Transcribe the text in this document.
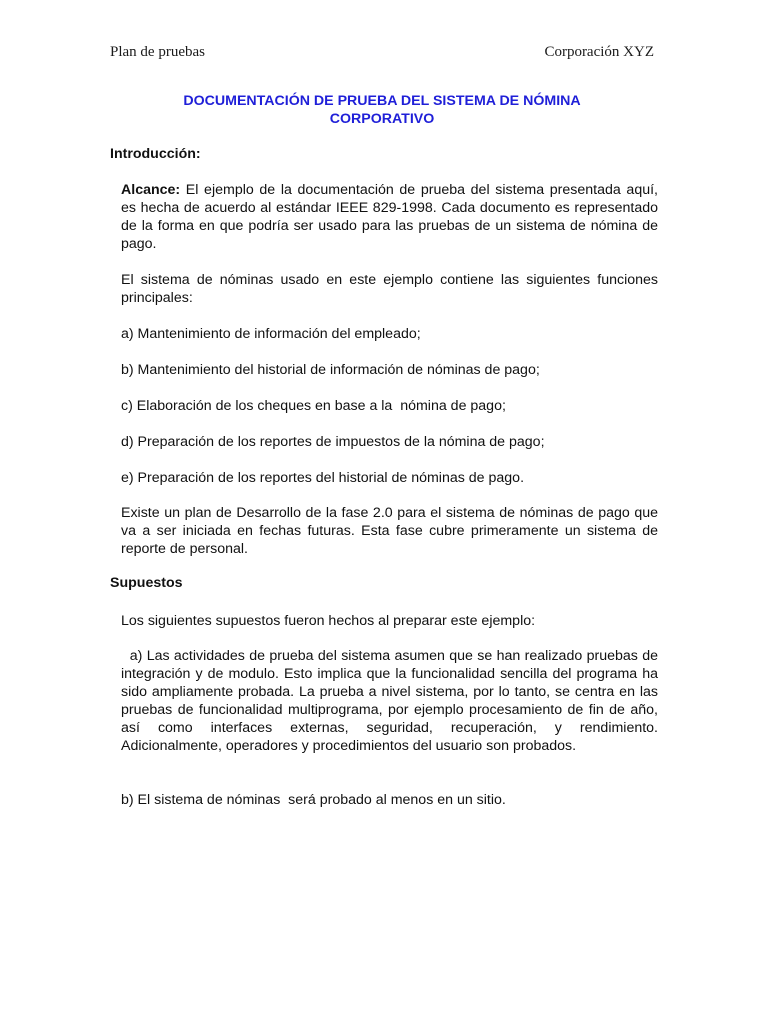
Plan de pruebas	Corporación XYZ
DOCUMENTACIÓN DE PRUEBA DEL SISTEMA DE NÓMINA
CORPORATIVO
Introducción:
Alcance: El ejemplo de la documentación de prueba del sistema presentada aquí, es hecha de acuerdo al estándar IEEE 829-1998. Cada documento es representado de la forma en que podría ser usado para las pruebas de un sistema de nómina de pago.
El sistema de nóminas usado en este ejemplo contiene las siguientes funciones principales:
a) Mantenimiento de información del empleado;
b) Mantenimiento del historial de información de nóminas de pago;
c) Elaboración de los cheques en base a la  nómina de pago;
d) Preparación de los reportes de impuestos de la nómina de pago;
e) Preparación de los reportes del historial de nóminas de pago.
Existe un plan de Desarrollo de la fase 2.0 para el sistema de nóminas de pago que va a ser iniciada en fechas futuras. Esta fase cubre primeramente un sistema de reporte de personal.
Supuestos
Los siguientes supuestos fueron hechos al preparar este ejemplo:
a) Las actividades de prueba del sistema asumen que se han realizado pruebas de integración y de modulo. Esto implica que la funcionalidad sencilla del programa ha sido ampliamente probada. La prueba a nivel sistema, por lo tanto, se centra en las pruebas de funcionalidad multiprograma, por ejemplo procesamiento de fin de año, así como interfaces externas, seguridad, recuperación, y rendimiento. Adicionalmente, operadores y procedimientos del usuario son probados.
b) El sistema de nóminas  será probado al menos en un sitio.
